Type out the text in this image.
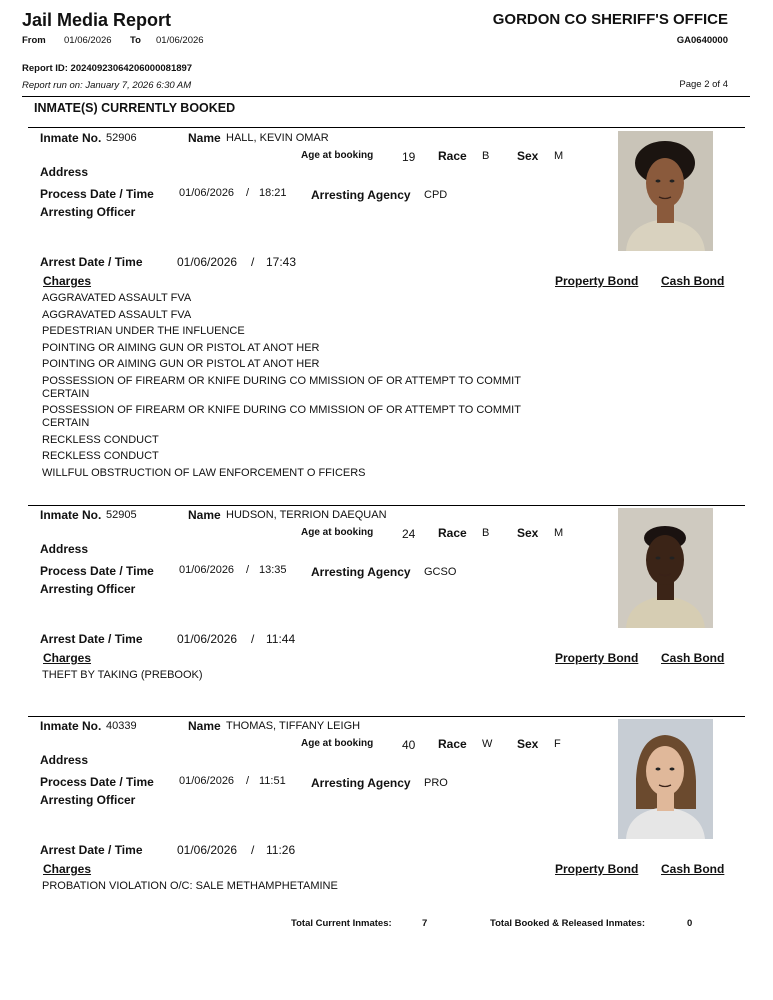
Jail Media Report
From 01/06/2026 To 01/06/2026
Report ID: 2024092306420600008189​7
Report run on: January 7, 2026 6:30 AM
GORDON CO SHERIFF'S OFFICE
GA0640000
Page 2 of 4
INMATE(S) CURRENTLY BOOKED
Inmate No. 52906	Name HALL, KEVIN OMAR
Age at booking 19 Race B Sex M
Address
Process Date / Time 01/06/2026 / 18:21 Arresting Agency CPD
Arresting Officer
Arrest Date / Time	01/06/2026 / 17:43
Charges	Property Bond Cash Bond
AGGRAVATED ASSAULT FVA
AGGRAVATED ASSAULT FVA
PEDESTRIAN UNDER THE INFLUENCE
POINTING OR AIMING GUN OR PISTOL AT ANOT HER
POINTING OR AIMING GUN OR PISTOL AT ANOT HER
POSSESSION OF FIREARM OR KNIFE DURING CO MMISSION OF OR ATTEMPT TO COMMIT CERTAIN
POSSESSION OF FIREARM OR KNIFE DURING CO MMISSION OF OR ATTEMPT TO COMMIT CERTAIN
RECKLESS CONDUCT
RECKLESS CONDUCT
WILLFUL OBSTRUCTION OF LAW ENFORCEMENT O FFICERS
Inmate No. 52905	Name HUDSON, TERRION DAEQUAN
Age at booking 24 Race B Sex M
Address
Process Date / Time 01/06/2026 / 13:35 Arresting Agency GCSO
Arresting Officer
Arrest Date / Time	01/06/2026 / 11:44
Charges	Property Bond Cash Bond
THEFT BY TAKING (PREBOOK)
Inmate No. 40339	Name THOMAS, TIFFANY LEIGH
Age at booking 40 Race W Sex F
Address
Process Date / Time 01/06/2026 / 11:51 Arresting Agency PRO
Arresting Officer
Arrest Date / Time	01/06/2026 / 11:26
Charges	Property Bond Cash Bond
PROBATION VIOLATION O/C: SALE METHAMPHETAMINE
Total Current Inmates:	7	Total Booked & Released Inmates:	0
